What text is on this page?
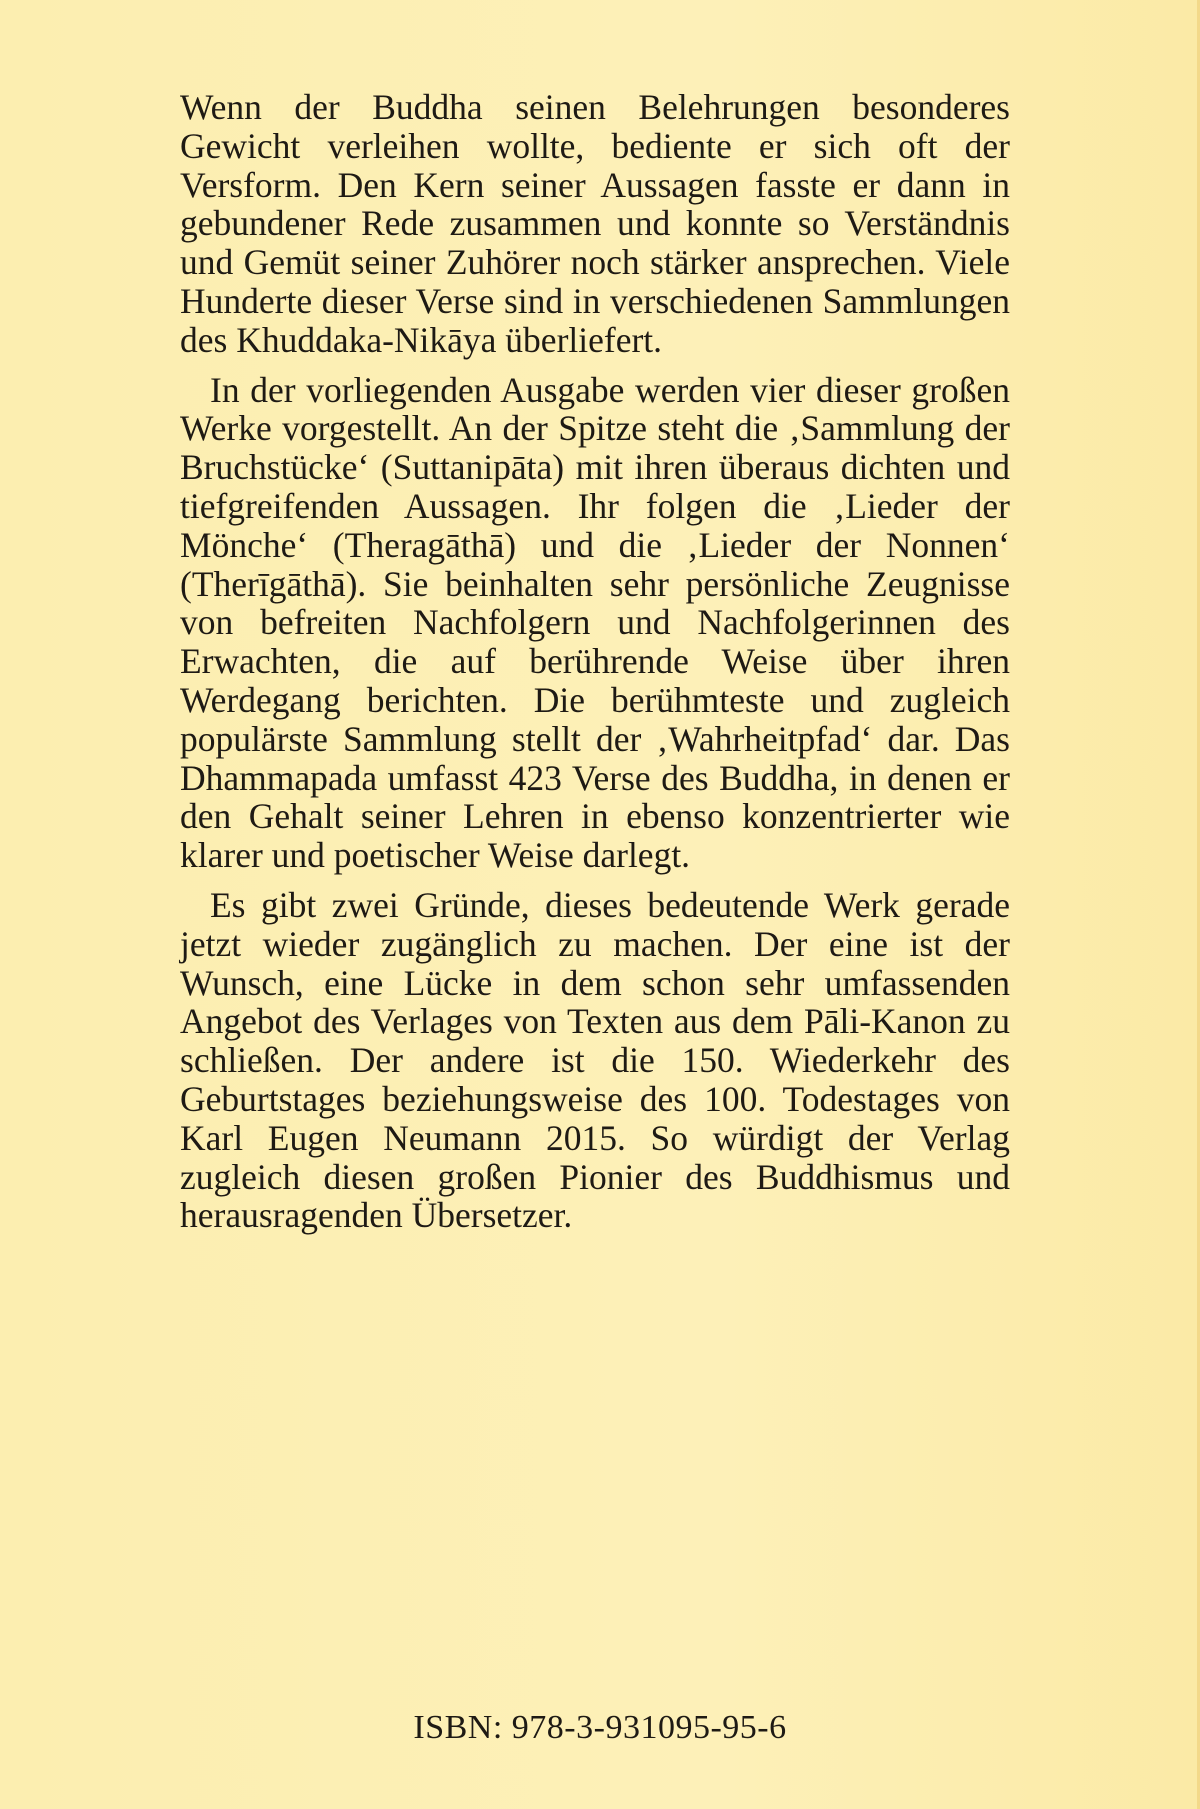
Wenn der Buddha seinen Belehrungen besonderes Gewicht verleihen wollte, bediente er sich oft der Versform. Den Kern seiner Aussagen fasste er dann in gebundener Rede zusammen und konnte so Verständnis und Gemüt seiner Zuhörer noch stärker ansprechen. Viele Hunderte dieser Verse sind in verschiedenen Sammlungen des Khuddaka-Nikāya überliefert.

In der vorliegenden Ausgabe werden vier dieser großen Werke vorgestellt. An der Spitze steht die ‚Sammlung der Bruchstücke‘ (Suttanipāta) mit ihren überaus dichten und tiefgreifenden Aussagen. Ihr folgen die ‚Lieder der Mönche‘ (Theragāthā) und die ‚Lieder der Nonnen‘ (Therīgāthā). Sie beinhalten sehr persönliche Zeugnisse von befreiten Nachfolgern und Nachfolgerinnen des Erwachten, die auf berührende Weise über ihren Werdegang berichten. Die berühmteste und zugleich populärste Sammlung stellt der ‚Wahrheitpfad‘ dar. Das Dhammapada umfasst 423 Verse des Buddha, in denen er den Gehalt seiner Lehren in ebenso konzentrierter wie klarer und poetischer Weise darlegt.

Es gibt zwei Gründe, dieses bedeutende Werk gerade jetzt wieder zugänglich zu machen. Der eine ist der Wunsch, eine Lücke in dem schon sehr umfassenden Angebot des Verlages von Texten aus dem Pāli-Kanon zu schließen. Der andere ist die 150. Wiederkehr des Geburtstages beziehungsweise des 100. Todestages von Karl Eugen Neumann 2015. So würdigt der Verlag zugleich diesen großen Pionier des Buddhismus und herausragenden Übersetzer.

ISBN: 978-3-931095-95-6
